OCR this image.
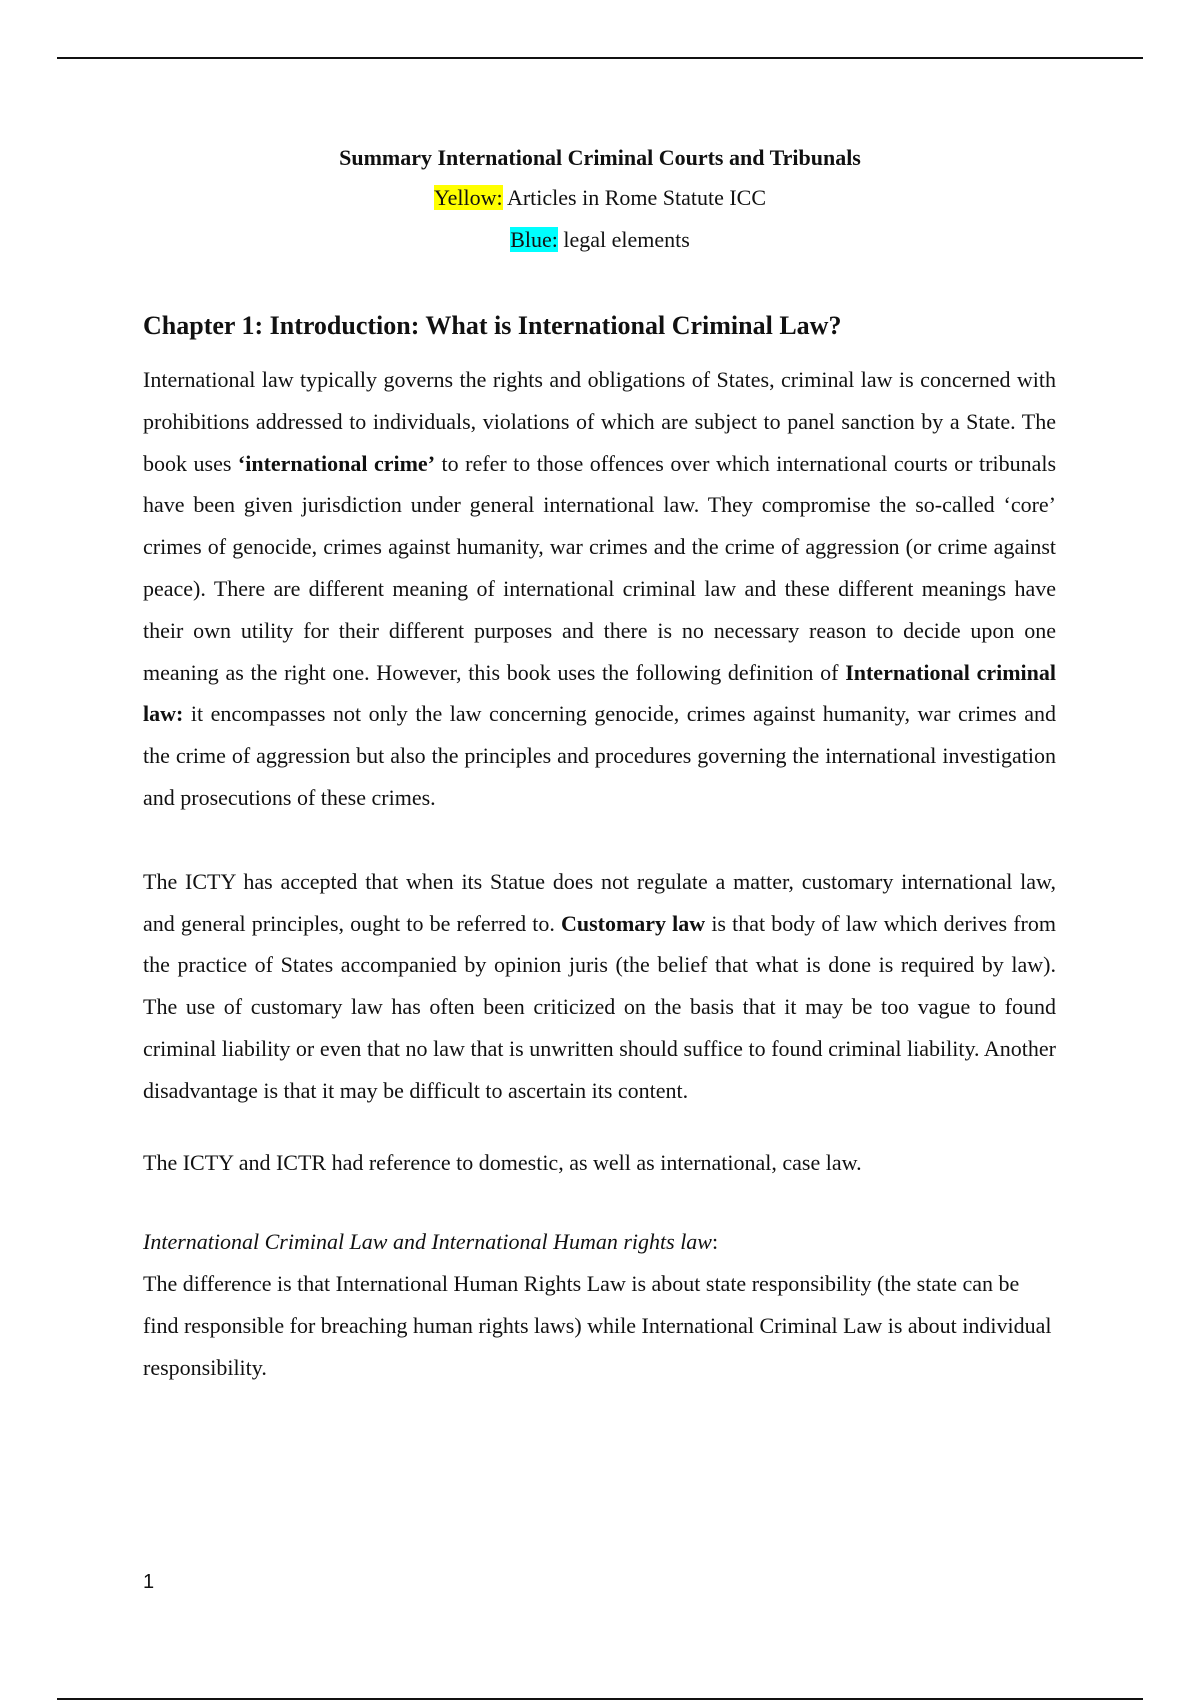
Summary International Criminal Courts and Tribunals
Yellow: Articles in Rome Statute ICC
Blue: legal elements
Chapter 1: Introduction: What is International Criminal Law?

International law typically governs the rights and obligations of States, criminal law is concerned with prohibitions addressed to individuals, violations of which are subject to panel sanction by a State. The book uses ‘international crime’ to refer to those offences over which international courts or tribunals have been given jurisdiction under general international law. They compromise the so-called ‘core’ crimes of genocide, crimes against humanity, war crimes and the crime of aggression (or crime against peace). There are different meaning of international criminal law and these different meanings have their own utility for their different purposes and there is no necessary reason to decide upon one meaning as the right one. However, this book uses the following definition of International criminal law: it encompasses not only the law concerning genocide, crimes against humanity, war crimes and the crime of aggression but also the principles and procedures governing the international investigation and prosecutions of these crimes.

The ICTY has accepted that when its Statue does not regulate a matter, customary international law, and general principles, ought to be referred to. Customary law is that body of law which derives from the practice of States accompanied by opinion juris (the belief that what is done is required by law). The use of customary law has often been criticized on the basis that it may be too vague to found criminal liability or even that no law that is unwritten should suffice to found criminal liability. Another disadvantage is that it may be difficult to ascertain its content.

The ICTY and ICTR had reference to domestic, as well as international, case law.

International Criminal Law and International Human rights law:

The difference is that International Human Rights Law is about state responsibility (the state can be find responsible for breaching human rights laws) while International Criminal Law is about individual responsibility.

1
